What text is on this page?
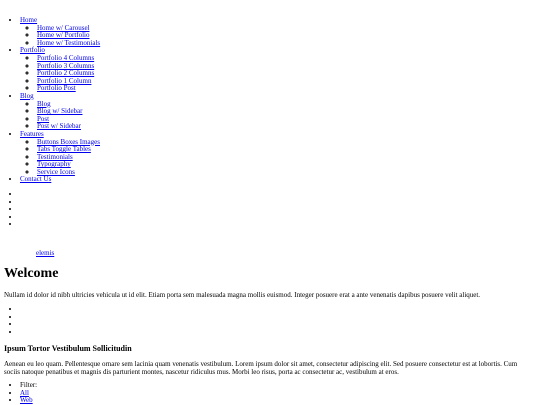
• Home
◦ Home w/ Carousel
◦ Home w/ Portfolio
◦ Home w/ Testimonials
• Portfolio
◦ Portfolio 4 Columns
◦ Portfolio 3 Columns
◦ Portfolio 2 Columns
◦ Portfolio 1 Column
◦ Portfolio Post
• Blog
◦ Blog
◦ Blog w/ Sidebar
◦ Post
◦ Post w/ Sidebar
• Features
◦ Buttons Boxes Images
◦ Tabs Toggle Tables
◦ Testimonials
◦ Typography
◦ Service Icons
• Contact Us
elemis
Welcome

Nullam id dolor id nibh ultricies vehicula ut id elit. Etiam porta sem malesuada magna mollis euismod. Integer posuere erat a ante venenatis dapibus posuere velit aliquet.

Ipsum Tortor Vestibulum Sollicitudin

Aenean eu leo quam. Pellentesque ornare sem lacinia quam venenatis vestibulum. Lorem ipsum dolor sit amet, consectetur adipiscing elit. Sed posuere consectetur est at lobortis. Cum sociis natoque penatibus et magnis dis parturient montes, nascetur ridiculus mus. Morbi leo risus, porta ac consectetur ac, vestibulum at eros.

• Filter:
• All
• Web
